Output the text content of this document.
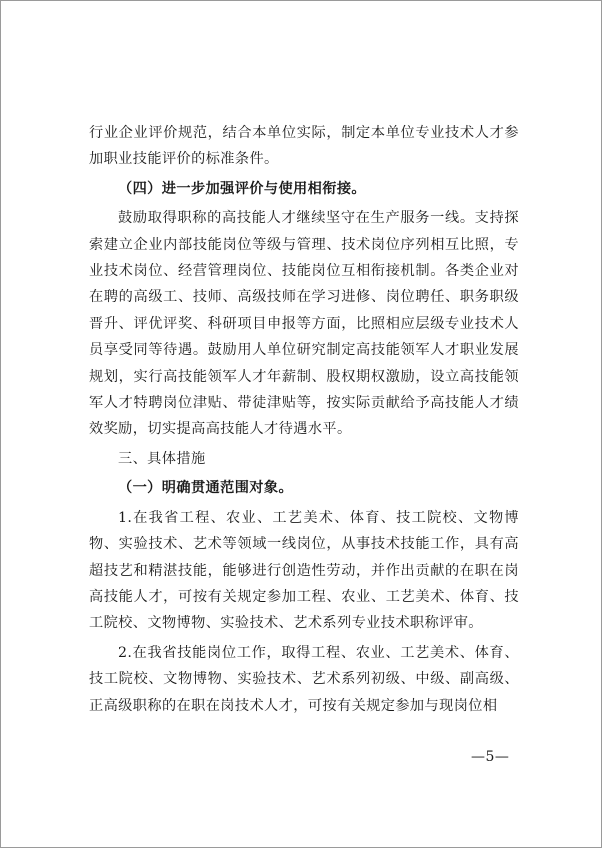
行业企业评价规范，结合本单位实际，制定本单位专业技术人才参加职业技能评价的标准条件。

（四）进一步加强评价与使用相衔接。

鼓励取得职称的高技能人才继续坚守在生产服务一线。支持探索建立企业内部技能岗位等级与管理、技术岗位序列相互比照，专业技术岗位、经营管理岗位、技能岗位互相衔接机制。各类企业对在聘的高级工、技师、高级技师在学习进修、岗位聘任、职务职级晋升、评优评奖、科研项目申报等方面，比照相应层级专业技术人员享受同等待遇。鼓励用人单位研究制定高技能领军人才职业发展规划，实行高技能领军人才年薪制、股权期权激励，设立高技能领军人才特聘岗位津贴、带徒津贴等，按实际贡献给予高技能人才绩效奖励，切实提高高技能人才待遇水平。

三、具体措施

（一）明确贯通范围对象。

1.在我省工程、农业、工艺美术、体育、技工院校、文物博物、实验技术、艺术等领域一线岗位，从事技术技能工作，具有高超技艺和精湛技能，能够进行创造性劳动，并作出贡献的在职在岗高技能人才，可按有关规定参加工程、农业、工艺美术、体育、技工院校、文物博物、实验技术、艺术系列专业技术职称评审。

2.在我省技能岗位工作，取得工程、农业、工艺美术、体育、技工院校、文物博物、实验技术、艺术系列初级、中级、副高级、正高级职称的在职在岗技术人才，可按有关规定参加与现岗位相

—5—
